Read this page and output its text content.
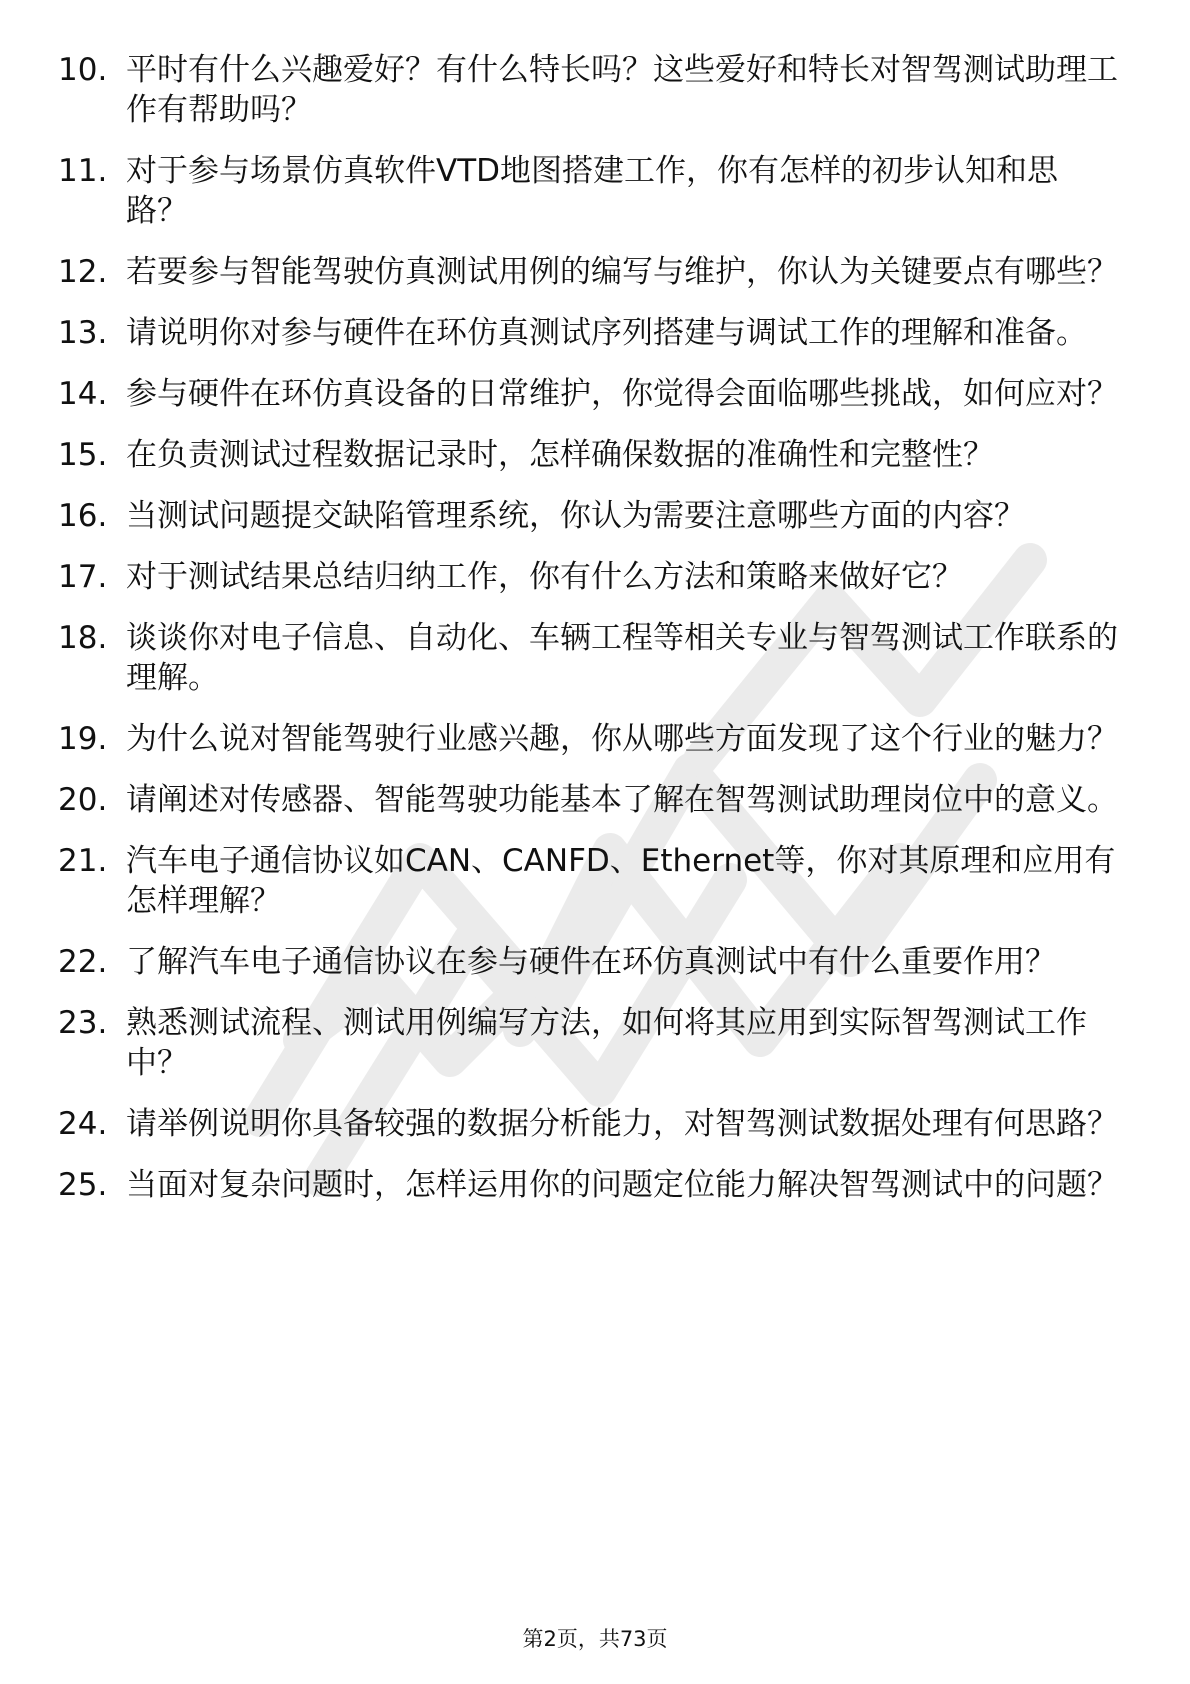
10. 平时有什么兴趣爱好？有什么特长吗？这些爱好和特长对智驾测试助理工作有帮助吗？
11. 对于参与场景仿真软件VTD地图搭建工作，你有怎样的初步认知和思路？
12. 若要参与智能驾驶仿真测试用例的编写与维护，你认为关键要点有哪些？
13. 请说明你对参与硬件在环仿真测试序列搭建与调试工作的理解和准备。
14. 参与硬件在环仿真设备的日常维护，你觉得会面临哪些挑战，如何应对？
15. 在负责测试过程数据记录时，怎样确保数据的准确性和完整性？
16. 当测试问题提交缺陷管理系统，你认为需要注意哪些方面的内容？
17. 对于测试结果总结归纳工作，你有什么方法和策略来做好它？
18. 谈谈你对电子信息、自动化、车辆工程等相关专业与智驾测试工作联系的理解。
19. 为什么说对智能驾驶行业感兴趣，你从哪些方面发现了这个行业的魅力？
20. 请阐述对传感器、智能驾驶功能基本了解在智驾测试助理岗位中的意义。
21. 汽车电子通信协议如CAN、CANFD、Ethernet等，你对其原理和应用有怎样理解？
22. 了解汽车电子通信协议在参与硬件在环仿真测试中有什么重要作用？
23. 熟悉测试流程、测试用例编写方法，如何将其应用到实际智驾测试工作中？
24. 请举例说明你具备较强的数据分析能力，对智驾测试数据处理有何思路？
25. 当面对复杂问题时，怎样运用你的问题定位能力解决智驾测试中的问题？
第2页，共73页
